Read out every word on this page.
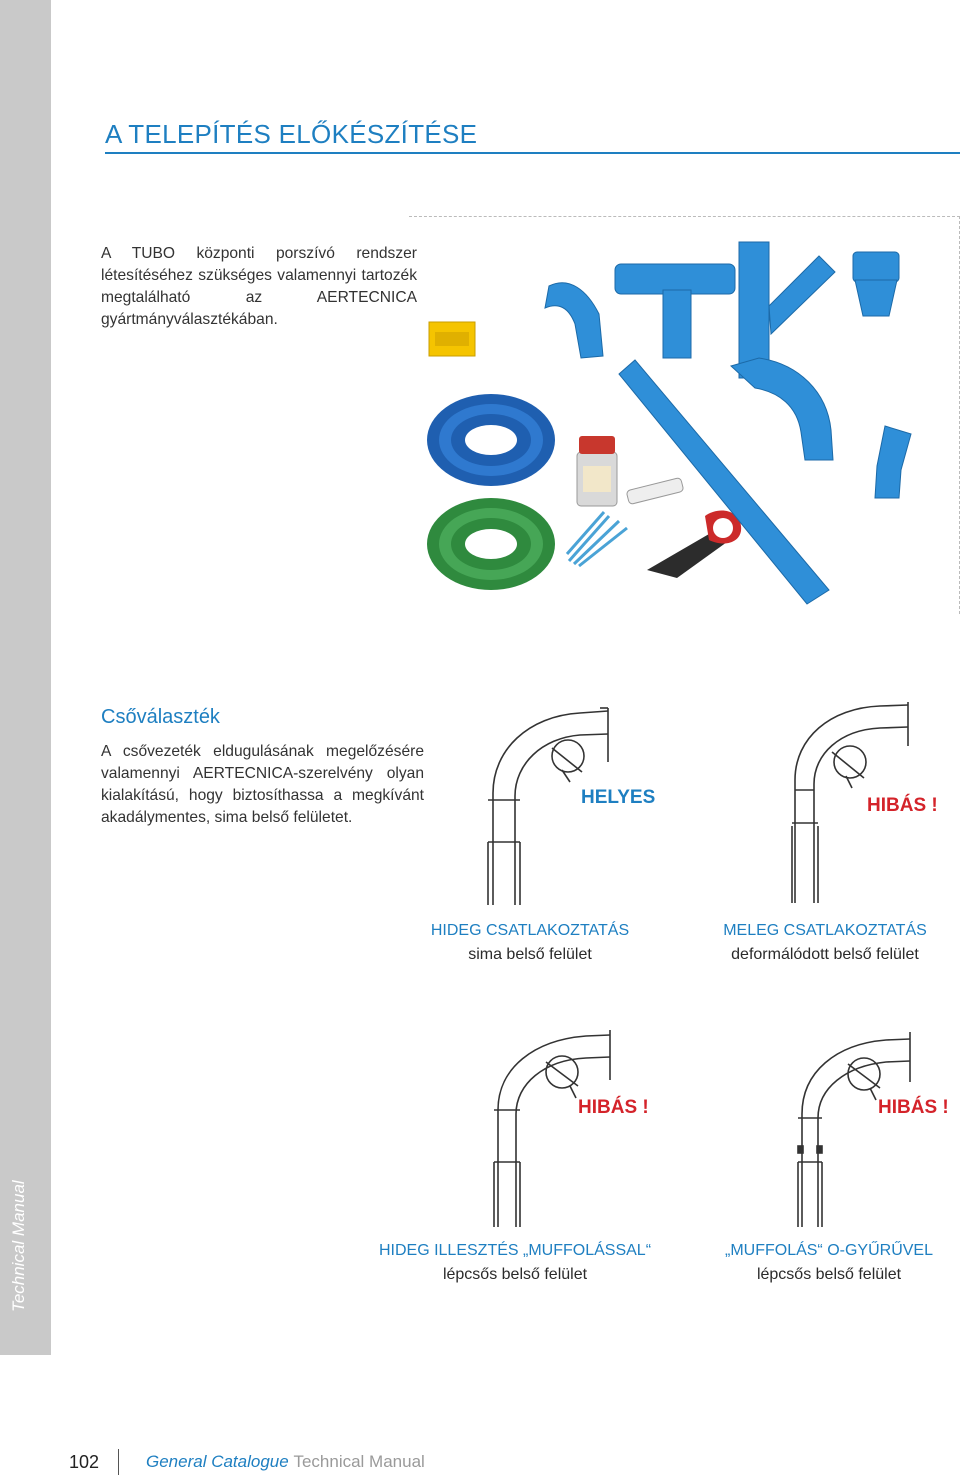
Technical Manual
A TELEPÍTÉS ELŐKÉSZÍTÉSE

A TUBO központi porszívó rendszer létesítéséhez szükséges valamennyi tartozék megtalálható az AERTECNICA gyártmányválasztékában.

Csőválaszték

A csővezeték eldugulásának megelőzésére valamennyi AERTECNICA-szerelvény olyan kialakítású, hogy biztosíthassa a megkívánt akadálymentes, sima belső felületet.

HELYES
HIDEG CSATLAKOZTATÁS
sima belső felület
HIBÁS !
MELEG CSATLAKOZTATÁS
deformálódott belső felület
HIBÁS !
HIDEG ILLESZTÉS „MUFFOLÁSSAL“
lépcsős belső felület
HIBÁS !
„MUFFOLÁS“ O-GYŰRŰVEL
lépcsős belső felület
102	General Catalogue Technical Manual
